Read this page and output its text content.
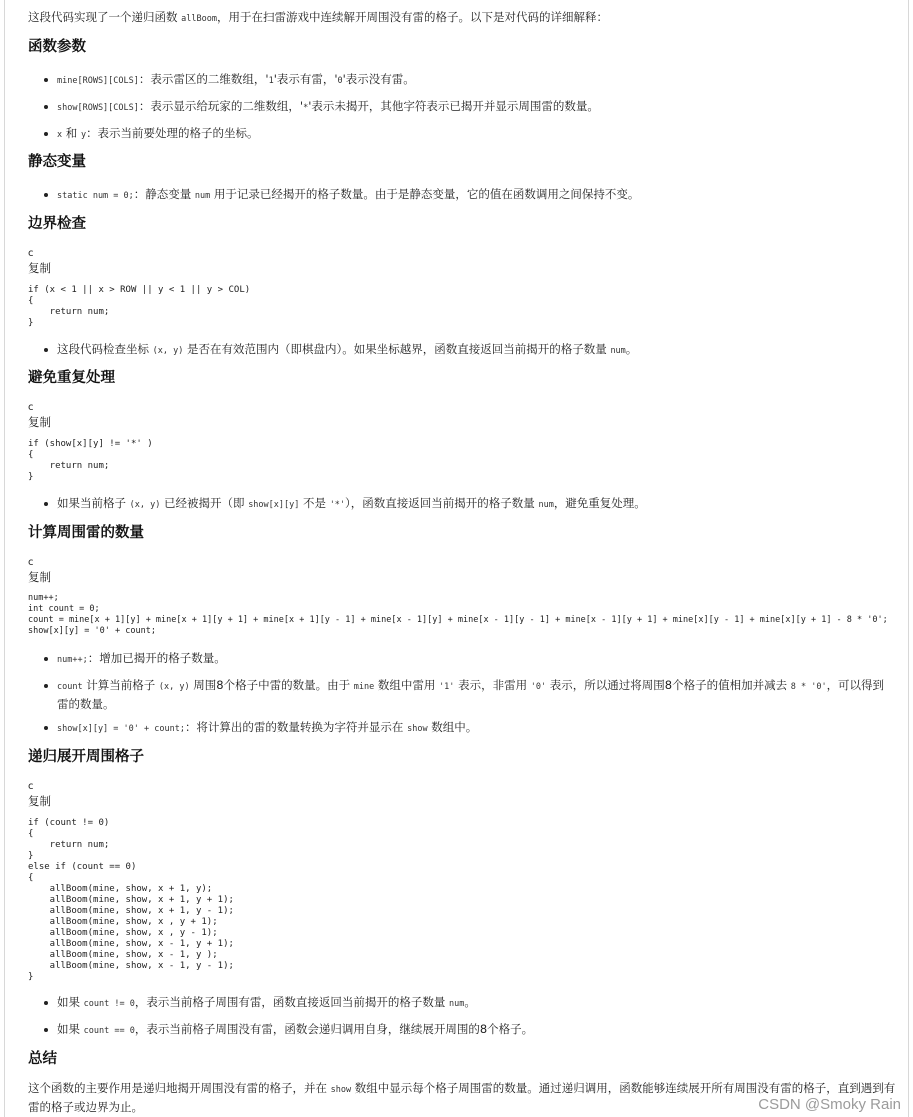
这段代码实现了一个递归函数 allBoom，用于在扫雷游戏中连续解开周围没有雷的格子。以下是对代码的详细解释：
函数参数
mine[ROWS][COLS]：表示雷区的二维数组，'1'表示有雷，'0'表示没有雷。
show[ROWS][COLS]：表示显示给玩家的二维数组，'*'表示未揭开，其他字符表示已揭开并显示周围雷的数量。
x 和 y：表示当前要处理的格子的坐标。
静态变量
static num = 0;：静态变量 num 用于记录已经揭开的格子数量。由于是静态变量，它的值在函数调用之间保持不变。
边界检查
c
复制
if (x < 1 || x > ROW || y < 1 || y > COL)
{
return num;
}
这段代码检查坐标 (x, y) 是否在有效范围内（即棋盘内）。如果坐标越界，函数直接返回当前揭开的格子数量 num。
避免重复处理
c
复制
if (show[x][y] != '*' )
{
return num;
}
如果当前格子 (x, y) 已经被揭开（即 show[x][y] 不是 '*'），函数直接返回当前揭开的格子数量 num，避免重复处理。
计算周围雷的数量
c
复制
num++;
int count = 0;
count = mine[x + 1][y] + mine[x + 1][y + 1] + mine[x + 1][y - 1] + mine[x - 1][y] + mine[x - 1][y - 1] + mine[x - 1][y + 1] + mine[x][y - 1] + mine[x][y + 1] - 8 * '0';
show[x][y] = '0' + count;
num++;：增加已揭开的格子数量。
count 计算当前格子 (x, y) 周围8个格子中雷的数量。由于 mine 数组中雷用 '1' 表示，非雷用 '0' 表示，所以通过将周围8个格子的值相加并减去 8 * '0'，可以得到雷的数量。
show[x][y] = '0' + count;：将计算出的雷的数量转换为字符并显示在 show 数组中。
递归展开周围格子
c
复制
if (count != 0)
{
return num;
}
else if (count == 0)
{
allBoom(mine, show, x + 1, y);
allBoom(mine, show, x + 1, y + 1);
allBoom(mine, show, x + 1, y - 1);
allBoom(mine, show, x , y + 1);
allBoom(mine, show, x , y - 1);
allBoom(mine, show, x - 1, y + 1);
allBoom(mine, show, x - 1, y );
allBoom(mine, show, x - 1, y - 1);
}
如果 count != 0，表示当前格子周围有雷，函数直接返回当前揭开的格子数量 num。
如果 count == 0，表示当前格子周围没有雷，函数会递归调用自身，继续展开周围的8个格子。
总结
这个函数的主要作用是递归地揭开周围没有雷的格子，并在 show 数组中显示每个格子周围雷的数量。通过递归调用，函数能够连续展开所有周围没有雷的格子，直到遇到有雷的格子或边界为止。	CSDN @Smoky Rain
